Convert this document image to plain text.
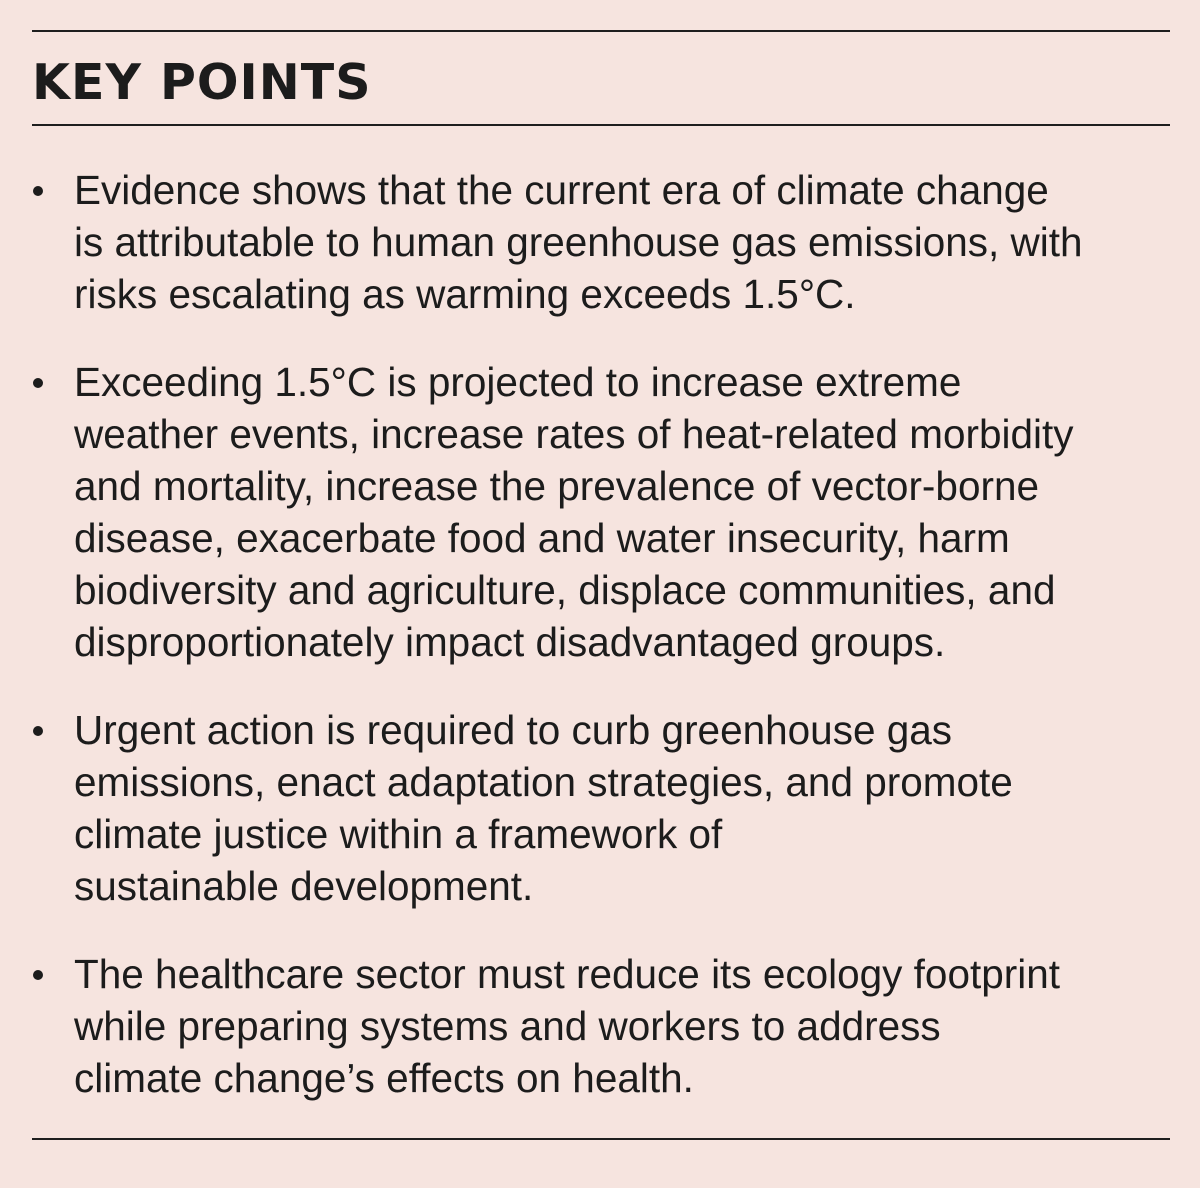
KEY POINTS
Evidence shows that the current era of climate change
is attributable to human greenhouse gas emissions, with
risks escalating as warming exceeds 1.5°C.
Exceeding 1.5°C is projected to increase extreme
weather events, increase rates of heat-related morbidity
and mortality, increase the prevalence of vector-borne
disease, exacerbate food and water insecurity, harm
biodiversity and agriculture, displace communities, and
disproportionately impact disadvantaged groups.
Urgent action is required to curb greenhouse gas
emissions, enact adaptation strategies, and promote
climate justice within a framework of
sustainable development.
The healthcare sector must reduce its ecology footprint
while preparing systems and workers to address
climate change’s effects on health.
